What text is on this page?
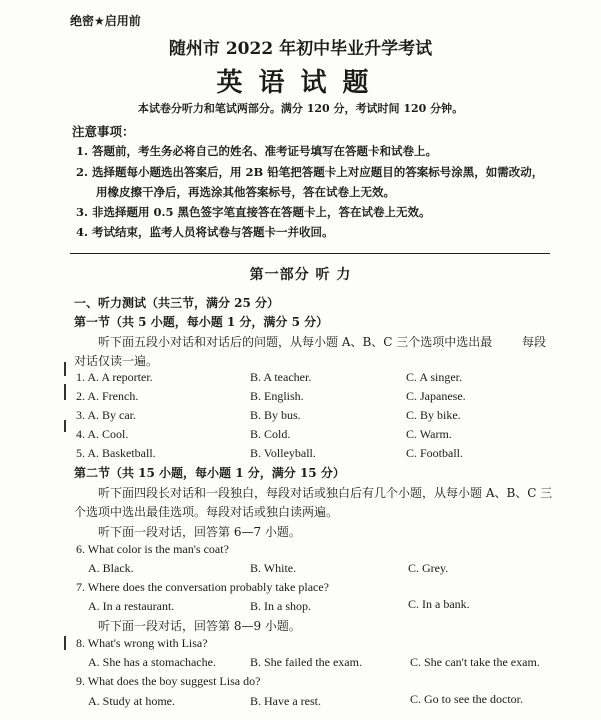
绝密★启用前
随州市 2022 年初中毕业升学考试
英语试题
本试卷分听力和笔试两部分。满分 120 分，考试时间 120 分钟。
注意事项：
1. 答题前，考生务必将自己的姓名、准考证号填写在答题卡和试卷上。
2. 选择题每小题选出答案后，用 2B 铅笔把答题卡上对应题目的答案标号涂黑，如需改动，
用橡皮擦干净后，再选涂其他答案标号，答在试卷上无效。
3. 非选择题用 0.5 黑色签字笔直接答在答题卡上，答在试卷上无效。
4. 考试结束，监考人员将试卷与答题卡一并收回。
第一部分 听 力
一、听力测试（共三节，满分 25 分）
第一节（共 5 小题，每小题 1 分，满分 5 分）
听下面五段小对话和对话后的问题，从每小题 A、B、C 三个选项中选出最 每段
对话仅读一遍。
1. A. A reporter.	B. A teacher.	C. A singer.
2. A. French.	B. English.	C. Japanese.
3. A. By car.	B. By bus.	C. By bike.
4. A. Cool.	B. Cold.	C. Warm.
5. A. Basketball.	B. Volleyball.	C. Football.
第二节（共 15 小题，每小题 1 分，满分 15 分）
听下面四段长对话和一段独白，每段对话或独白后有几个小题，从每小题 A、B、C 三
个选项中选出最佳选项。每段对话或独白读两遍。
听下面一段对话，回答第 6—7 小题。
6. What color is the man's coat?
A. Black.	B. White.	C. Grey.
7. Where does the conversation probably take place?
A. In a restaurant.	B. In a shop.	C. In a bank.
听下面一段对话，回答第 8—9 小题。
8. What's wrong with Lisa?
A. She has a stomachache.	B. She failed the exam.	C. She can't take the exam.
9. What does the boy suggest Lisa do?
A. Study at home.	B. Have a rest.	C. Go to see the doctor.
